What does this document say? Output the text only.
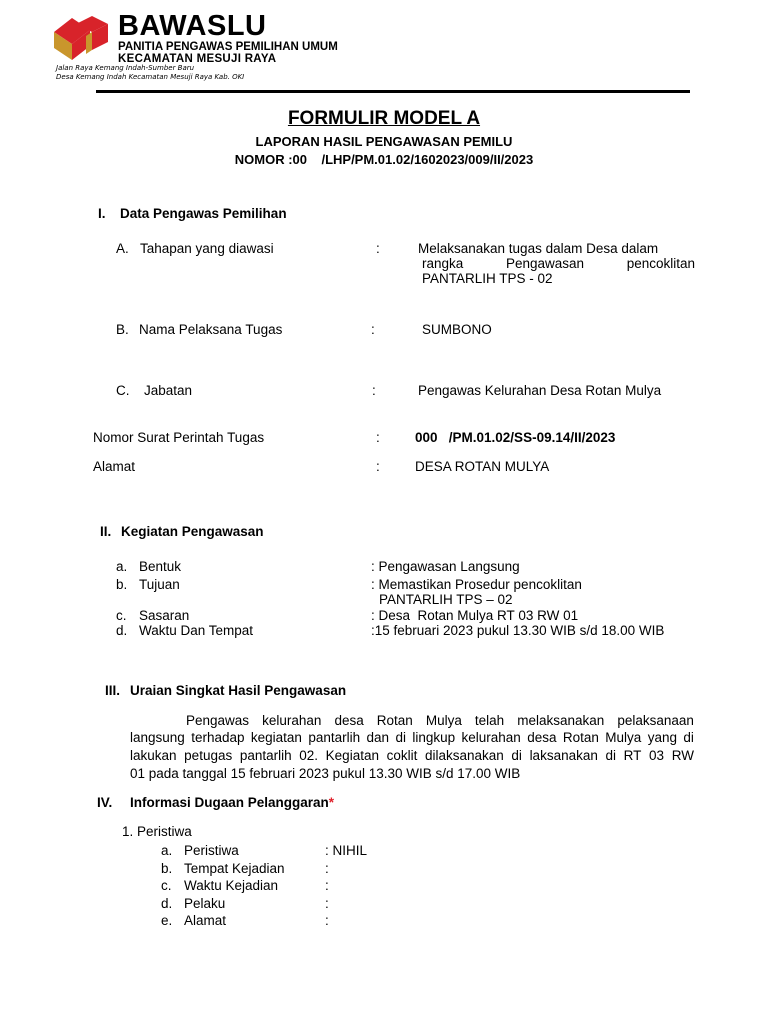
BAWASLU
PANITIA PENGAWAS PEMILIHAN UMUM
KECAMATAN MESUJI RAYA
Jalan Raya Kemang Indah-Sumber Baru
Desa Kemang Indah Kecamatan Mesuji Raya Kab. OKI
FORMULIR MODEL A
LAPORAN HASIL PENGAWASAN PEMILU
NOMOR :00    /LHP/PM.01.02/1602023/009/II/2023
I. Data Pengawas Pemilihan
A. Tahapan yang diawasi	:	Melaksanakan tugas dalam Desa dalam
rangka	Pengawasan	pencoklitan
PANTARLIH TPS - 02
B. Nama Pelaksana Tugas	:	SUMBONO
C. Jabatan	:	Pengawas Kelurahan Desa Rotan Mulya
Nomor Surat Perintah Tugas	:	000   /PM.01.02/SS-09.14/II/2023
Alamat	:	DESA ROTAN MULYA
II. Kegiatan Pengawasan
a. Bentuk	: Pengawasan Langsung
b. Tujuan	: Memastikan Prosedur pencoklitan
PANTARLIH TPS – 02
c. Sasaran	: Desa  Rotan Mulya RT 03 RW 01
d. Waktu Dan Tempat	:15 februari 2023 pukul 13.30 WIB s/d 18.00 WIB
III. Uraian Singkat Hasil Pengawasan
Pengawas kelurahan desa Rotan Mulya telah melaksanakan pelaksanaan
langsung terhadap kegiatan pantarlih dan di lingkup kelurahan desa Rotan Mulya yang di
lakukan petugas pantarlih 02. Kegiatan coklit dilaksanakan di laksanakan di RT 03 RW
01 pada tanggal 15 februari 2023 pukul 13.30 WIB s/d 17.00 WIB
IV. Informasi Dugaan Pelanggaran*
1. Peristiwa
a. Peristiwa	: NIHIL
b. Tempat Kejadian	:
c. Waktu Kejadian	:
d. Pelaku	:
e. Alamat	:
